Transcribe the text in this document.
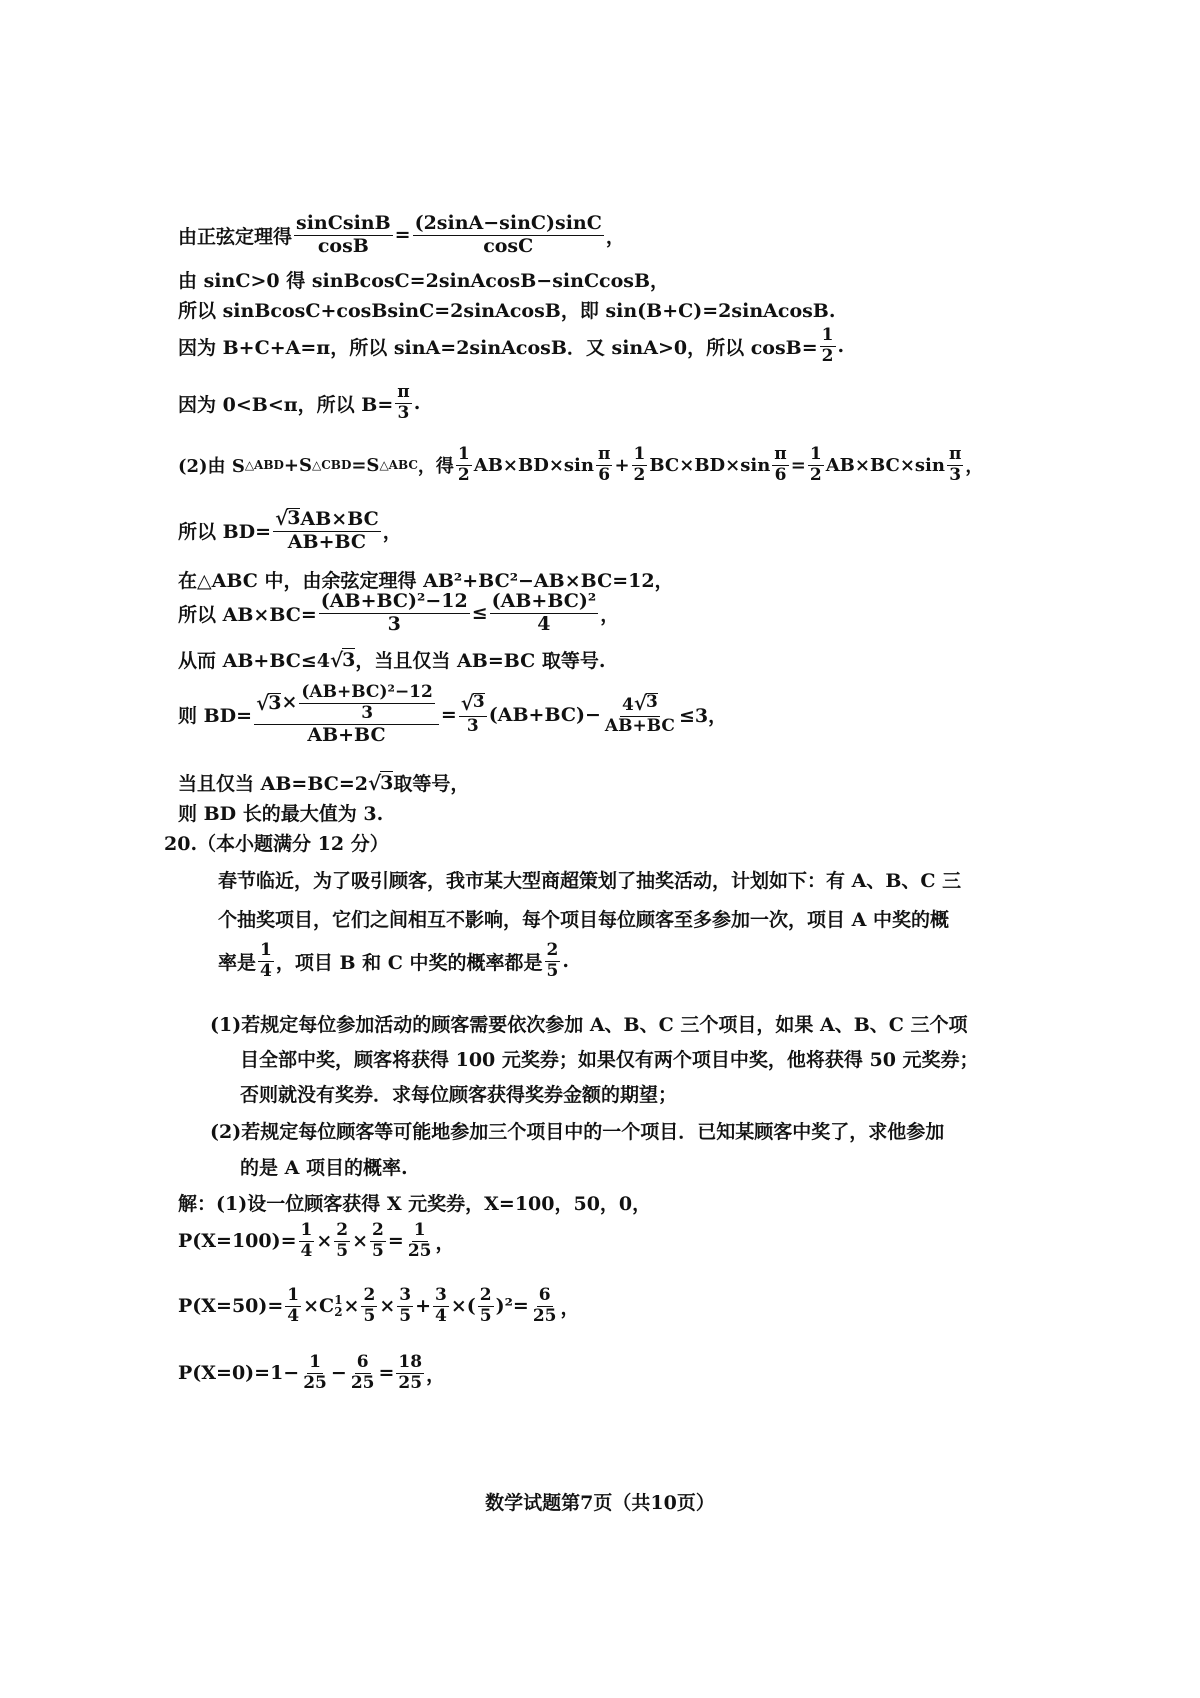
由正弦定理得 $\frac{\text{sinCsinB}}{\cos B} = \frac{(2\sin A-\sin C)\sin C}{\cos C}$ ，
由 sinC>0 得 sinBcosC=2sinAcosB−sinCcosB，
所以 sinBcosC+cosBsinC=2sinAcosB，即 sin(B+C)=2sinAcosB.
因为 B+C+A=π，所以 sinA=2sinAcosB．又 sinA>0，所以 $\cos B= \frac{1}{2}$ .
因为 0<B<π，所以 $B= \frac{\pi}{3}$ .
(2)由 S △ABD +S △CBD =S △ABC ，得 $\frac{1}{2} AB\times BD\times\sin \frac{\pi}{6} + \frac{1}{2} BC\times BD\times\sin \frac{\pi}{6} = \frac{1}{2} AB\times BC\times\sin \frac{\pi}{3}$ ，
所以 $BD= \frac{√ 3 AB\times BC}{AB+BC}$ ，
在△ABC 中，由余弦定理得 AB²+BC²−AB×BC=12，
所以 $AB\times BC= \frac{\text{(AB+BC)²−12}}{3} \le \frac{\text{(AB+BC)²}}{4}$ ，
从而 AB+BC≤4 √ 3 ，当且仅当 AB=BC 取等号.
则 $BD= \frac{√ 3 \times \frac{\text{(AB+BC)²−12}}{3}}{AB+BC} = \frac{√ 3}{3} (AB+BC)- \frac{4 √ 3}{AB+BC} \le 3$，
当且仅当 AB=BC=2 √ 3 取等号，
则 BD 长的最大值为 3.
20.（本小题满分 12 分）
春节临近，为了吸引顾客，我市某大型商超策划了抽奖活动，计划如下：有 A、B、C 三
个抽奖项目，它们之间相互不影响，每个项目每位顾客至多参加一次，项目 A 中奖的概
率是 $\frac{1}{4}$ ，项目 B 和 C 中奖的概率都是 $\frac{2}{5}$ .
(1)若规定每位参加活动的顾客需要依次参加 A、B、C 三个项目，如果 A、B、C 三个项
目全部中奖，顾客将获得 100 元奖券；如果仅有两个项目中奖，他将获得 50 元奖券；
否则就没有奖券．求每位顾客获得奖券金额的期望；
(2)若规定每位顾客等可能地参加三个项目中的一个项目．已知某顾客中奖了，求他参加
的是 A 项目的概率.
解：(1)设一位顾客获得 X 元奖券，X=100，50，0，
$P(X=100)= \frac{1}{4} \times \frac{2}{5} \times \frac{2}{5} = \frac{1}{25}$ ，
$P(X=50)= \frac{1}{4} \times C$ 1
$2 \times \frac{2}{5} \times \frac{3}{5} + \frac{3}{4}$ ×( $\frac{2}{5} )^2= \frac{6}{25}$ ，
$P(X=0)=1- \frac{1}{25} - \frac{6}{25} = \frac{18}{25}$ ，
数学试题第7页（共10页）
